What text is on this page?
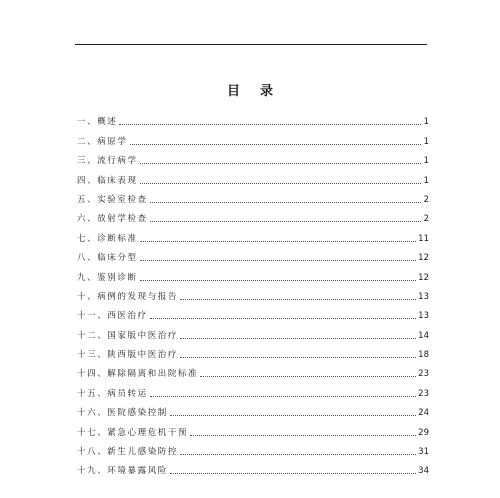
目录
一、概述	1
二、病原学	1
三、流行病学	1
四、临床表现	1
五、实验室检查	2
六、放射学检查	2
七、诊断标准	11
八、临床分型	12
九、鉴别诊断	12
十、病例的发现与报告	13
十一、西医治疗	13
十二、国家版中医治疗	14
十三、陕西版中医治疗	18
十四、解除隔离和出院标准	23
十五、病员转运	23
十六、医院感染控制	24
十七、紧急心理危机干预	29
十八、新生儿感染防控	31
十九、环境暴露风险	34
